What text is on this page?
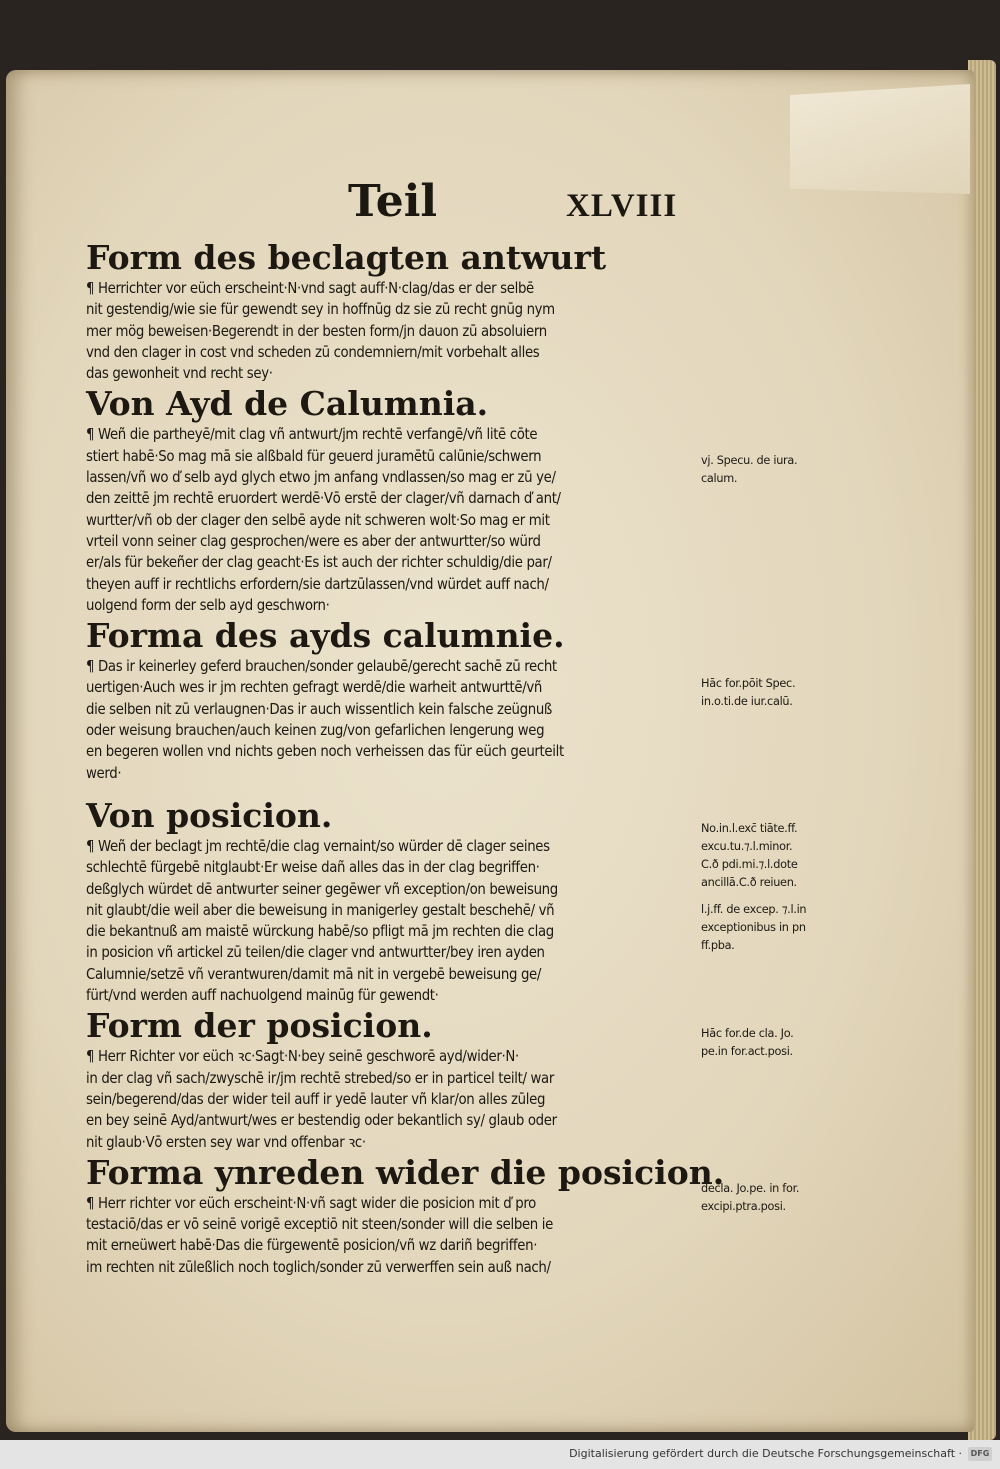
Teil	XLVIII
Form des beclagten antwurt
¶ Herrichter vor eüch erscheint·N·vnd sagt auff·N·clag/das er der selbē
nit gestendig/wie sie für gewendt sey in hoffnūg dz sie zū recht gnūg nym
mer mög beweisen·Begerendt in der besten form/jn dauon zū absoluiern
vnd den clager in cost vnd scheden zū condemniern/mit vorbehalt alles
das gewonheit vnd recht sey·
Von Ayd de Calumnia.
¶ Weñ die partheyē/mit clag vñ antwurt/jm rechtē verfangē/vñ litē cōte
stiert habē·So mag mā sie alßbald für geuerd juramētū calūnie/schwern
lassen/vñ wo ď selb ayd glych etwo jm anfang vndlassen/so mag er zū ye/
den zeittē jm rechtē eruordert werdē·Vō erstē der clager/vñ darnach ď ant/
wurtter/vñ ob der clager den selbē ayde nit schweren wolt·So mag er mit
vrteil vonn seiner clag gesprochen/were es aber der antwurtter/so würd
er/als für bekeñer der clag geacht·Es ist auch der richter schuldig/die par/
theyen auff ir rechtlichs erfordern/sie dartzūlassen/vnd würdet auff nach/
uolgend form der selb ayd geschworn·
Forma des ayds calumnie.
¶ Das ir keinerley geferd brauchen/sonder gelaubē/gerecht sachē zū recht
uertigen·Auch wes ir jm rechten gefragt werdē/die warheit antwurttē/vñ
die selben nit zū verlaugnen·Das ir auch wissentlich kein falsche zeügnuß
oder weisung brauchen/auch keinen zug/von gefarlichen lengerung weg
en begeren wollen vnd nichts geben noch verheissen das für eüch geurteilt
werd·
Von posicion.
¶ Weñ der beclagt jm rechtē/die clag vernaint/so würder dē clager seines
schlechtē fürgebē nitglaubt·Er weise dañ alles das in der clag begriffen·
deßglych würdet dē antwurter seiner gegēwer vñ exception/on beweisung
nit glaubt/die weil aber die beweisung in manigerley gestalt beschehē/ vñ
die bekantnuß am maistē würckung habē/so pfligt mā jm rechten die clag
in posicion vñ artickel zū teilen/die clager vnd antwurtter/bey iren ayden
Calumnie/setzē vñ verantwuren/damit mā nit in vergebē beweisung ge/
fürt/vnd werden auff nachuolgend mainūg für gewendt·
Form der posicion.
¶ Herr Richter vor eüch ꝛc·Sagt·N·bey seinē geschworē ayd/wider·N·
in der clag vñ sach/zwyschē ir/jm rechtē strebed/so er in particel teilt/ war
sein/begerend/das der wider teil auff ir yedē lauter vñ klar/on alles zūleg
en bey seinē Ayd/antwurt/wes er bestendig oder bekantlich sy/ glaub oder
nit glaub·Vō ersten sey war vnd offenbar ꝛc·
Forma ynreden wider die posicion.
¶ Herr richter vor eüch erscheint·N·vñ sagt wider die posicion mit ď pro
testaciō/das er vō seinē vorigē exceptiō nit steen/sonder will die selben ie
mit erneüwert habē·Das die fürgewentē posicion/vñ wz dariñ begriffen·
im rechten nit zūleßlich noch toglich/sonder zū verwerffen sein auß nach/
vj. Specu. de iura.
calum.
Hāc for.pōit Spec.
in.o.ti.de iur.calū.
No.in.l.exc̄ tiāte.ff.
excu.tu.⁊.l.minor.
C.ð pdi.mi.⁊.l.dote
ancillā.C.ð reiuen.
l.j.ff. de excep. ⁊.l.in
exceptionibus in pn
ff.pba.
Hāc for.de cla. Jo.
pe.in for.act.posi.
decla. Jo.pe. in for.
excipi.ptra.posi.
Digitalisierung gefördert durch die Deutsche Forschungsgemeinschaft ·	DFG
